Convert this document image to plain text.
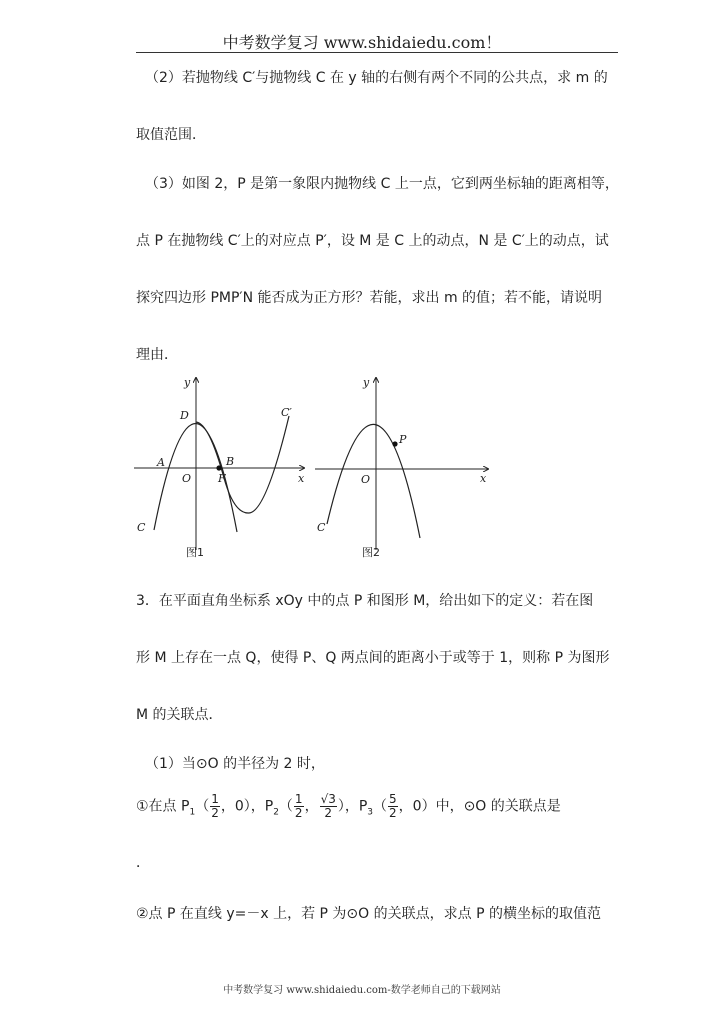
中考数学复习 www.shidaiedu.com！
（2）若抛物线 C′与抛物线 C 在 y 轴的右侧有两个不同的公共点，求 m 的
取值范围．
（3）如图 2，P 是第一象限内抛物线 C 上一点，它到两坐标轴的距离相等，
点 P 在抛物线 C′上的对应点 P′，设 M 是 C 上的动点，N 是 C′上的动点，试
探究四边形 PMP′N 能否成为正方形？若能，求出 m 的值；若不能，请说明
理由．
y
x
D	C′
A	B
O F
C
图1
y
x
P
O
C
图2
3．在平面直角坐标系 xOy 中的点 P 和图形 M，给出如下的定义：若在图
形 M 上存在一点 Q，使得 P、Q 两点间的距离小于或等于 1，则称 P 为图形
M 的关联点．
（1）当⊙O 的半径为 2 时，
①在点 $P_1( \frac{1}{2}$ ，0），$P_2( \frac{1}{2}$ ， $\frac{√3}{2}$ ），$P_3( \frac{5}{2}$ ，0）中，⊙O 的关联点是
．
②点 P 在直线 y=－x 上，若 P 为⊙O 的关联点，求点 P 的横坐标的取值范
中考数学复习 www.shidaiedu.com-数学老师自己的下载网站
